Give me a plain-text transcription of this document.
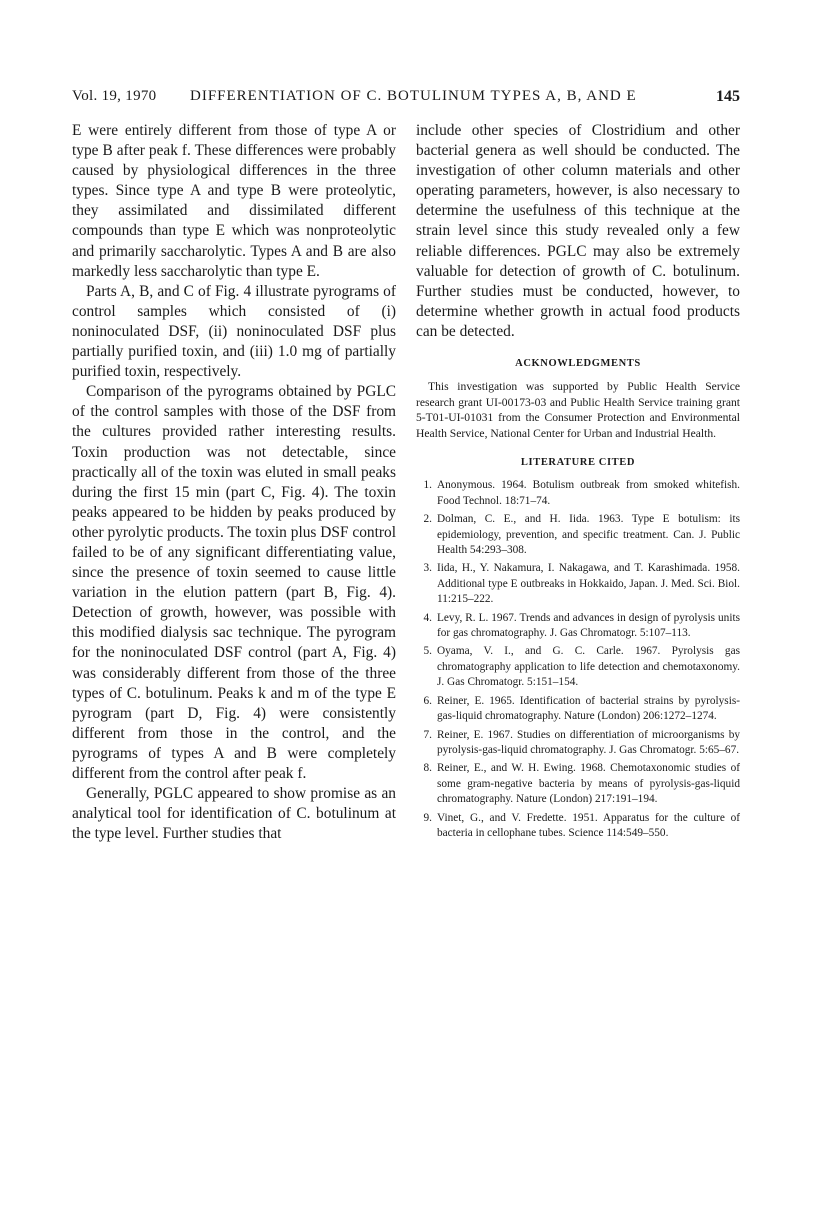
Vol. 19, 1970 DIFFERENTIATION OF C. BOTULINUM TYPES A, B, AND E	145

E were entirely different from those of type A or type B after peak f. These differences were probably caused by physiological differences in the three types. Since type A and type B were proteolytic, they assimilated and dissimilated different compounds than type E which was nonproteolytic and primarily saccharolytic. Types A and B are also markedly less saccharolytic than type E.

Parts A, B, and C of Fig. 4 illustrate pyrograms of control samples which consisted of (i) noninoculated DSF, (ii) noninoculated DSF plus partially purified toxin, and (iii) 1.0 mg of partially purified toxin, respectively.

Comparison of the pyrograms obtained by PGLC of the control samples with those of the DSF from the cultures provided rather interesting results. Toxin production was not detectable, since practically all of the toxin was eluted in small peaks during the first 15 min (part C, Fig. 4). The toxin peaks appeared to be hidden by peaks produced by other pyrolytic products. The toxin plus DSF control failed to be of any significant differentiating value, since the presence of toxin seemed to cause little variation in the elution pattern (part B, Fig. 4). Detection of growth, however, was possible with this modified dialysis sac technique. The pyrogram for the noninoculated DSF control (part A, Fig. 4) was considerably different from those of the three types of C. botulinum. Peaks k and m of the type E pyrogram (part D, Fig. 4) were consistently different from those in the control, and the pyrograms of types A and B were completely different from the control after peak f.

Generally, PGLC appeared to show promise as an analytical tool for identification of C. botulinum at the type level. Further studies that

include other species of Clostridium and other bacterial genera as well should be conducted. The investigation of other column materials and other operating parameters, however, is also necessary to determine the usefulness of this technique at the strain level since this study revealed only a few reliable differences. PGLC may also be extremely valuable for detection of growth of C. botulinum. Further studies must be conducted, however, to determine whether growth in actual food products can be detected.

ACKNOWLEDGMENTS

This investigation was supported by Public Health Service research grant UI-00173-03 and Public Health Service training grant 5-T01-UI-01031 from the Consumer Protection and Environmental Health Service, National Center for Urban and Industrial Health.

LITERATURE CITED
1. Anonymous. 1964. Botulism outbreak from smoked whitefish. Food Technol. 18:71–74.
2. Dolman, C. E., and H. Iida. 1963. Type E botulism: its epidemiology, prevention, and specific treatment. Can. J. Public Health 54:293–308.
3. Iida, H., Y. Nakamura, I. Nakagawa, and T. Karashimada. 1958. Additional type E outbreaks in Hokkaido, Japan. J. Med. Sci. Biol. 11:215–222.
4. Levy, R. L. 1967. Trends and advances in design of pyrolysis units for gas chromatography. J. Gas Chromatogr. 5:107–113.
5. Oyama, V. I., and G. C. Carle. 1967. Pyrolysis gas chromatography application to life detection and chemotaxonomy. J. Gas Chromatogr. 5:151–154.
6. Reiner, E. 1965. Identification of bacterial strains by pyrolysis-gas-liquid chromatography. Nature (London) 206:1272–1274.
7. Reiner, E. 1967. Studies on differentiation of microorganisms by pyrolysis-gas-liquid chromatography. J. Gas Chromatogr. 5:65–67.
8. Reiner, E., and W. H. Ewing. 1968. Chemotaxonomic studies of some gram-negative bacteria by means of pyrolysis-gas-liquid chromatography. Nature (London) 217:191–194.
9. Vinet, G., and V. Fredette. 1951. Apparatus for the culture of bacteria in cellophane tubes. Science 114:549–550.
